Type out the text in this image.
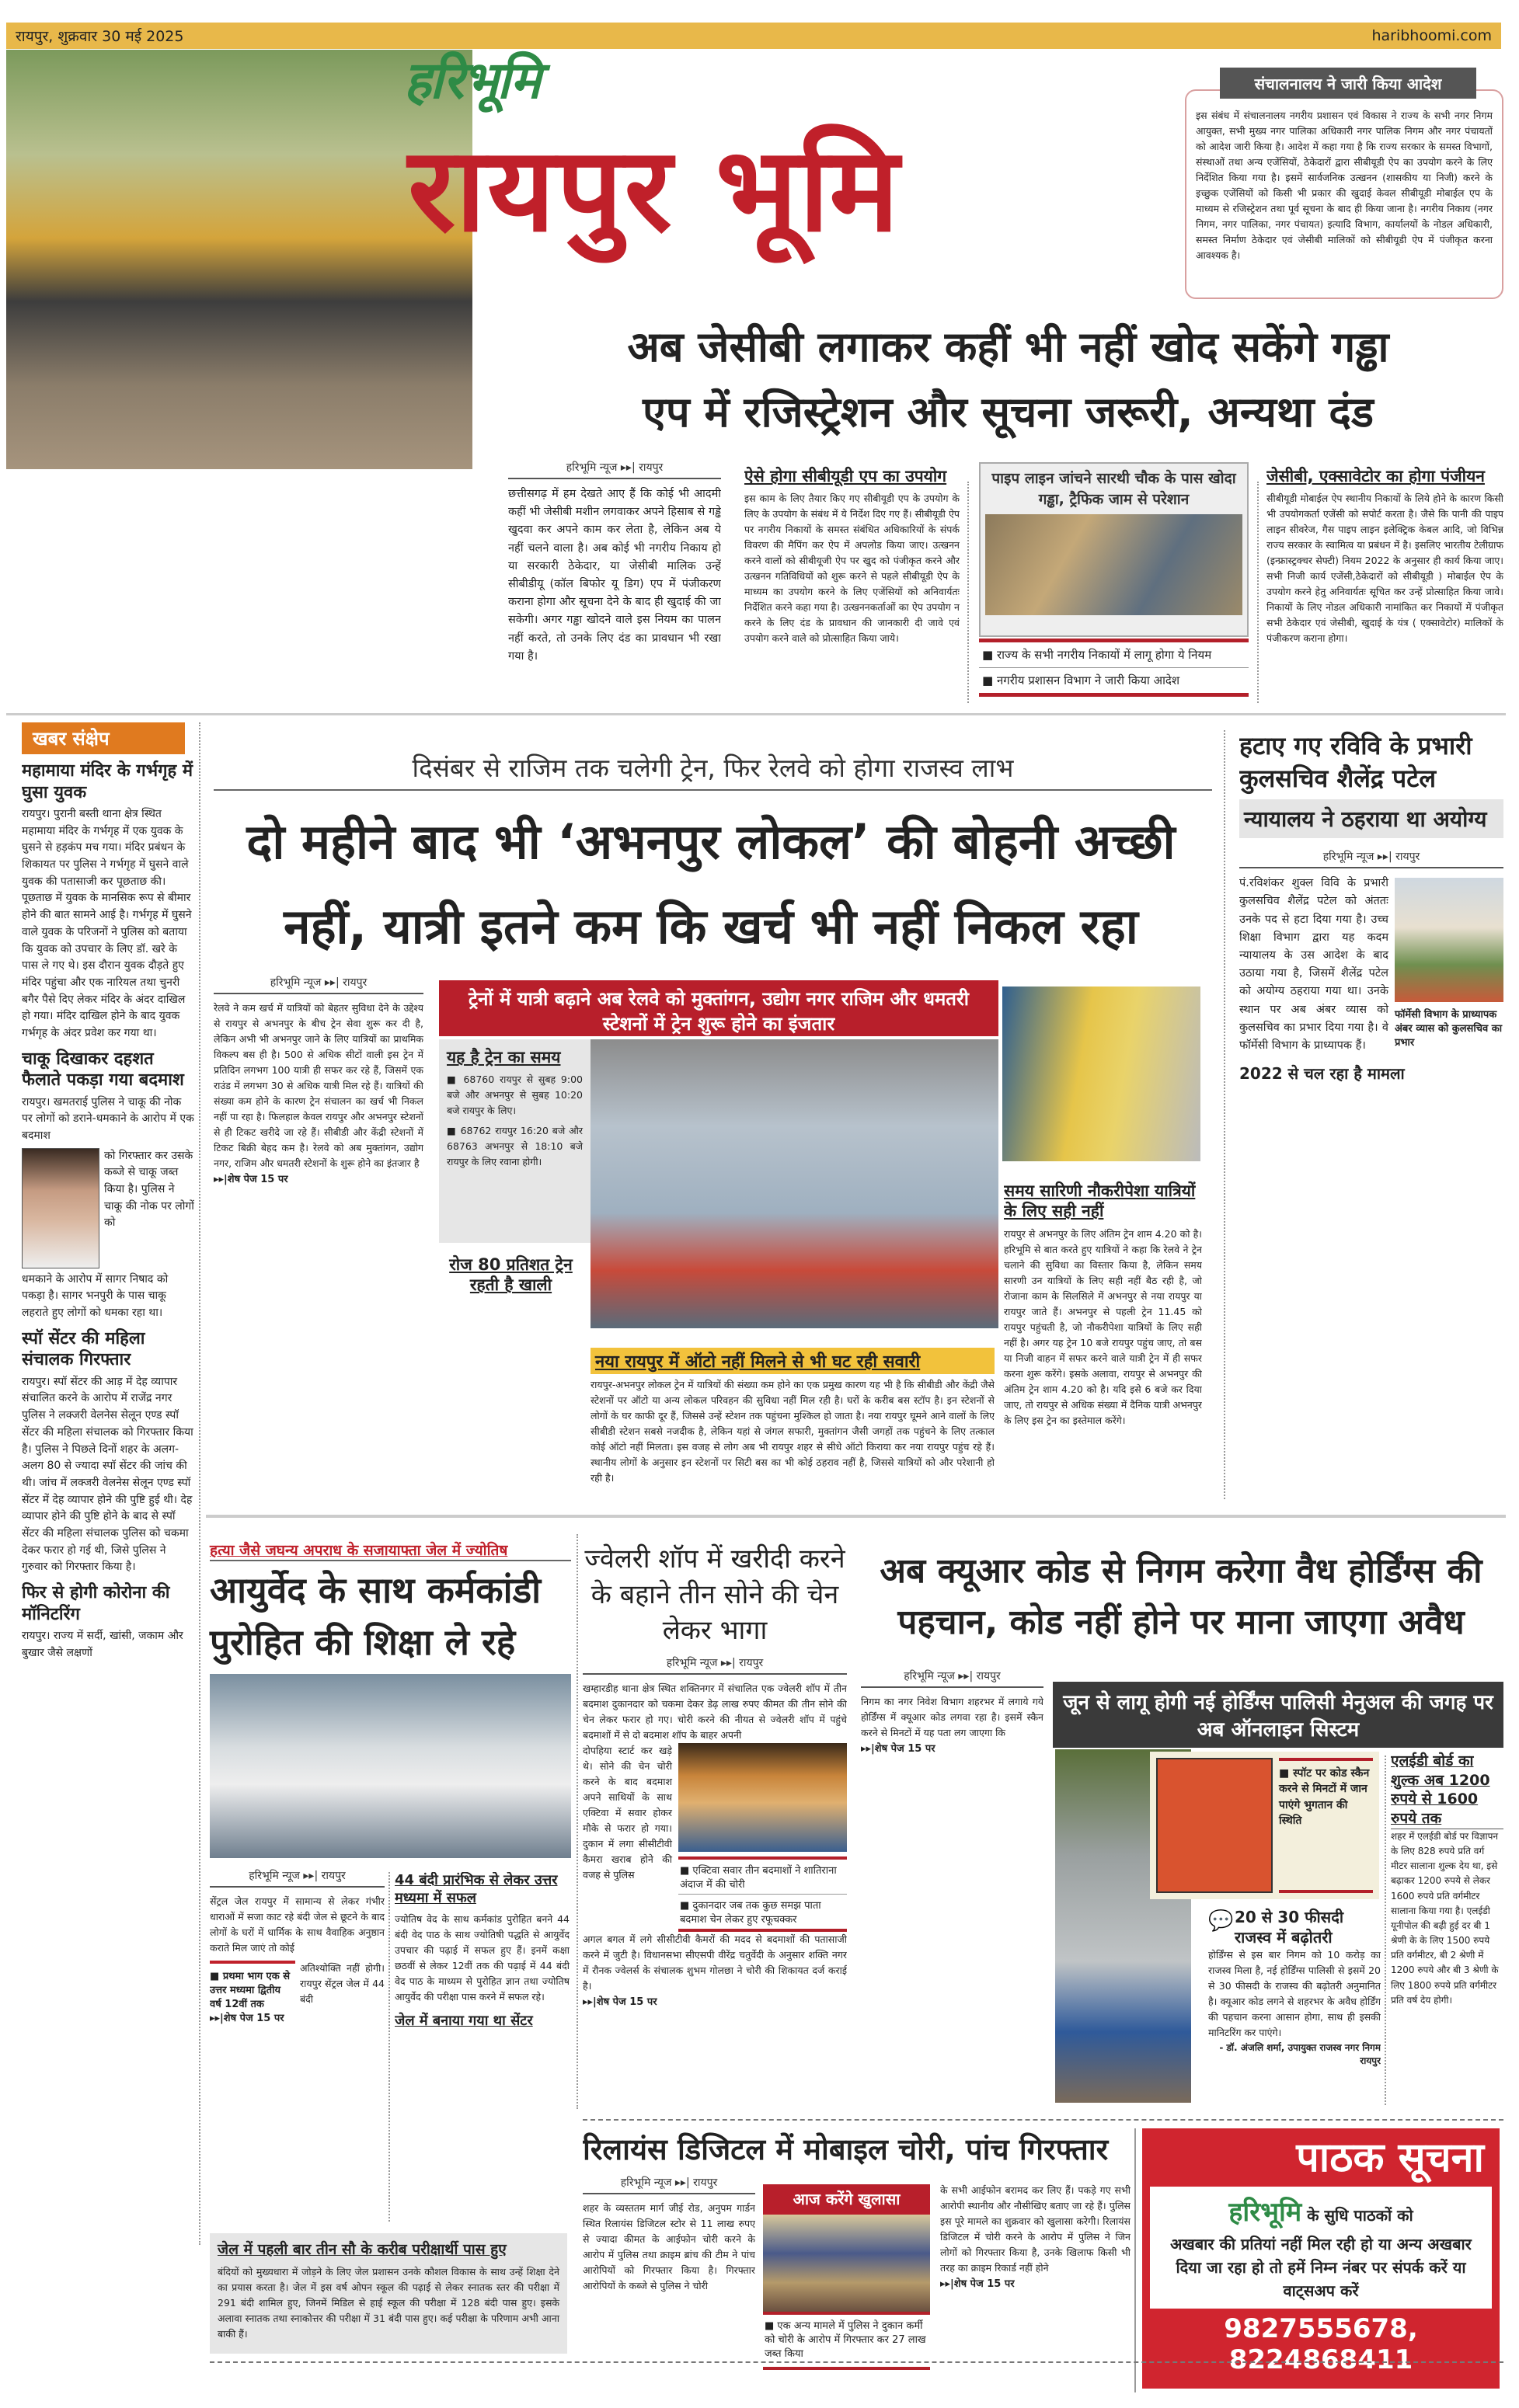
रायपुर, शुक्रवार 30 मई 2025	haribhoomi.com
हरिभूमि
रायपुर भूमि
इस संबंध में संचालनालय नगरीय प्रशासन एवं विकास ने राज्य के सभी नगर निगम आयुक्त, सभी मुख्य नगर पालिका अधिकारी नगर पालिक निगम और नगर पंचायतों को आदेश जारी किया है। आदेश में कहा गया है कि राज्य सरकार के समस्त विभागों, संस्थाओं तथा अन्य एजेंसियों, ठेकेदारों द्वारा सीबीयूडी ऐप का उपयोग करने के लिए निर्देशित किया गया है। इसमें सार्वजनिक उत्खनन (शासकीय या निजी) करने के इच्छुक एजेंसियों को किसी भी प्रकार की खुदाई केवल सीबीयूडी मोबाईल एप के माध्यम से रजिस्ट्रेशन तथा पूर्व सूचना के बाद ही किया जाना है। नगरीय निकाय (नगर निगम, नगर पालिका, नगर पंचायत) इत्यादि विभाग, कार्यालयों के नोडल अधिकारी, समस्त निर्माण ठेकेदार एवं जेसीबी मालिकों को सीबीयूडी ऐप में पंजीकृत करना आवश्यक है।
संचालनालय ने जारी किया आदेश
अब जेसीबी लगाकर कहीं भी नहीं खोद सकेंगे गड्ढा
एप में रजिस्ट्रेशन और सूचना जरूरी, अन्यथा दंड
हरिभूमि न्यूज ▸▸| रायपुर
छत्तीसगढ़ में हम देखते आए हैं कि कोई भी आदमी कहीं भी जेसीबी मशीन लगवाकर अपने हिसाब से गड्ढे खुदवा कर अपने काम कर लेता है, लेकिन अब ये नहीं चलने वाला है। अब कोई भी नगरीय निकाय हो या सरकारी ठेकेदार, या जेसीबी मालिक उन्हें सीबीडीयू (कॉल बिफोर यू डिग) एप में पंजीकरण कराना होगा और सूचना देने के बाद ही खुदाई की जा सकेगी। अगर गड्ढा खोदने वाले इस नियम का पालन नहीं करते, तो उनके लिए दंड का प्रावधान भी रखा गया है।
ऐसे होगा सीबीयूडी एप का उपयोग
इस काम के लिए तैयार किए गए सीबीयूडी एप के उपयोग के लिए के उपयोग के संबंध में ये निर्देश दिए गए हैं। सीबीयूडी ऐप पर नगरीय निकायों के समस्त संबंधित अधिकारियों के संपर्क विवरण की मैपिंग कर ऐप में अपलोड किया जाए। उत्खनन करने वालों को सीबीयूजी ऐप पर खुद को पंजीकृत करने और उत्खनन गतिविधियों को शुरू करने से पहले सीबीयूडी ऐप के माध्यम का उपयोग करने के लिए एजेंसियों को अनिवार्यतः निर्देशित करने कहा गया है। उत्खननकर्ताओं का ऐप उपयोग न करने के लिए दंड के प्रावधान की जानकारी दी जावे एवं उपयोग करने वाले को प्रोत्साहित किया जाये।
पाइप लाइन जांचने सारथी चौक के पास खोदा गड्ढा, ट्रैफिक जाम से परेशान
■ राज्य के सभी नगरीय निकायों में लागू होगा ये नियम
■ नगरीय प्रशासन विभाग ने जारी किया आदेश
जेसीबी, एक्सावेटोर का होगा पंजीयन
सीबीयूडी मोबाईल ऐप स्थानीय निकायों के लिये होने के कारण किसी भी उपयोगकर्ता एजेंसी को सपोर्ट करता है। जैसे कि पानी की पाइप लाइन सीवरेज, गैस पाइप लाइन इलेक्ट्रिक केबल आदि, जो विभिन्न राज्य सरकार के स्वामित्व या प्रबंधन में है। इसलिए भारतीय टेलीग्राफ (इन्फ्रास्ट्रक्चर सेफ्टी) नियम 2022 के अनुसार ही कार्य किया जाए। सभी निजी कार्य एजेंसी,ठेकेदारों को सीबीयूडी ) मोबाईल ऐप के उपयोग करने हेतु अनिवार्यतः सूचित कर उन्हें प्रोत्साहित किया जावे। निकायों के लिए नोडल अधिकारी नामांकित कर निकायों में पंजीकृत सभी ठेकेदार एवं जेसीबी, खुदाई के यंत्र ( एक्सावेटोर) मालिकों के पंजीकरण कराना होगा।
खबर संक्षेप
महामाया मंदिर के गर्भगृह में घुसा युवक
रायपुर। पुरानी बस्ती थाना क्षेत्र स्थित महामाया मंदिर के गर्भगृह में एक युवक के घुसने से हड़कंप मच गया। मंदिर प्रबंधन के शिकायत पर पुलिस ने गर्भगृह में घुसने वाले युवक की पतासाजी कर पूछताछ की। पूछताछ में युवक के मानसिक रूप से बीमार होने की बात सामने आई है। गर्भगृह में घुसने वाले युवक के परिजनों ने पुलिस को बताया कि युवक को उपचार के लिए डॉ. खरे के पास ले गए थे। इस दौरान युवक दौड़ते हुए मंदिर पहुंचा और एक नारियल तथा चुनरी बगैर पैसे दिए लेकर मंदिर के अंदर दाखिल हो गया। मंदिर दाखिल होने के बाद युवक गर्भगृह के अंदर प्रवेश कर गया था।
चाकू दिखाकर दहशत फैलाते पकड़ा गया बदमाश
रायपुर। खमतराई पुलिस ने चाकू की नोक पर लोगों को डराने-धमकाने के आरोप में एक बदमाश
को गिरफ्तार कर उसके कब्जे से चाकू जब्त किया है। पुलिस ने चाकू की नोक पर लोगों को
धमकाने के आरोप में सागर निषाद को पकड़ा है। सागर भनपुरी के पास चाकू लहराते हुए लोगों को धमका रहा था।
स्पॉ सेंटर की महिला संचालक गिरफ्तार
रायपुर। स्पॉ सेंटर की आड़ में देह व्यापार संचालित करने के आरोप में राजेंद्र नगर पुलिस ने लक्जरी वेलनेस सेलून एण्ड स्पॉ सेंटर की महिला संचालक को गिरफ्तार किया है। पुलिस ने पिछले दिनों शहर के अलग-अलग 80 से ज्यादा स्पॉ सेंटर की जांच की थी। जांच में लक्जरी वेलनेस सेलून एण्ड स्पॉ सेंटर में देह व्यापार होने की पुष्टि हुई थी। देह व्यापार होने की पुष्टि होने के बाद से स्पॉ सेंटर की महिला संचालक पुलिस को चकमा देकर फरार हो गई थी, जिसे पुलिस ने गुरुवार को गिरफ्तार किया है।
फिर से होगी कोरोना की मॉनिटरिंग
रायपुर। राज्य में सर्दी, खांसी, जकाम और बुखार जैसे लक्षणों
दिसंबर से राजिम तक चलेगी ट्रेन, फिर रेलवे को होगा राजस्व लाभ
दो महीने बाद भी ‘अभनपुर लोकल’ की बोहनी अच्छी
नहीं, यात्री इतने कम कि खर्च भी नहीं निकल रहा
हरिभूमि न्यूज ▸▸| रायपुर
रेलवे ने कम खर्च में यात्रियों को बेहतर सुविधा देने के उद्देश्य से रायपुर से अभनपुर के बीच ट्रेन सेवा शुरू कर दी है, लेकिन अभी भी अभनपुर जाने के लिए यात्रियों का प्राथमिक विकल्प बस ही है। 500 से अधिक सीटों वाली इस ट्रेन में प्रतिदिन लगभग 100 यात्री ही सफर कर रहे हैं, जिसमें एक राउंड में लगभग 30 से अधिक यात्री मिल रहे हैं। यात्रियों की संख्या कम होने के कारण ट्रेन संचालन का खर्च भी निकल नहीं पा रहा है। फिलहाल केवल रायपुर और अभनपुर स्टेशनों से ही टिकट खरीदे जा रहे हैं। सीबीडी और केंद्री स्टेशनों में टिकट बिक्री बेहद कम है। रेलवे को अब मुक्तांगन, उद्योग नगर, राजिम और धमतरी स्टेशनों के शुरू होने का इंतजार है
▸▸|शेष पेज 15 पर
ट्रेनों में यात्री बढ़ाने अब रेलवे को मुक्तांगन, उद्योग नगर राजिम और धमतरी स्टेशनों में ट्रेन शुरू होने का इंजतार
यह है ट्रेन का समय
■ 68760 रायपुर से सुबह 9:00 बजे और अभनपुर से सुबह 10:20 बजे रायपुर के लिए।
■ 68762 रायपुर 16:20 बजे और 68763 अभनपुर से 18:10 बजे रायपुर के लिए रवाना होगी।
रोज 80 प्रतिशत ट्रेन रहती है खाली
नया रायपुर में ऑटो नहीं मिलने से भी घट रही सवारी
रायपुर-अभनपुर लोकल ट्रेन में यात्रियों की संख्या कम होने का एक प्रमुख कारण यह भी है कि सीबीडी और केंद्री जैसे स्टेशनों पर ऑटो या अन्य लोकल परिवहन की सुविधा नहीं मिल रही है। घरों के करीब बस स्टॉप है। इन स्टेशनों से लोगों के घर काफी दूर हैं, जिससे उन्हें स्टेशन तक पहुंचना मुश्किल हो जाता है। नया रायपुर घूमने आने वालों के लिए सीबीडी स्टेशन सबसे नजदीक है, लेकिन यहां से जंगल सफारी, मुक्तांगन जैसी जगहों तक पहुंचने के लिए तत्काल कोई ऑटो नहीं मिलता। इस वजह से लोग अब भी रायपुर शहर से सीधे ऑटो किराया कर नया रायपुर पहुंच रहे हैं। स्थानीय लोगों के अनुसार इन स्टेशनों पर सिटी बस का भी कोई ठहराव नहीं है, जिससे यात्रियों को और परेशानी हो रही है।
समय सारिणी नौकरीपेशा यात्रियों के लिए सही नहीं
रायपुर से अभनपुर के लिए अंतिम ट्रेन शाम 4.20 को है। हरिभूमि से बात करते हुए यात्रियों ने कहा कि रेलवे ने ट्रेन चलाने की सुविधा का विस्तार किया है, लेकिन समय सारणी उन यात्रियों के लिए सही नहीं बैठ रही है, जो रोजाना काम के सिलसिले में अभनपुर से नया रायपुर या रायपुर जाते हैं। अभनपुर से पहली ट्रेन 11.45 को रायपुर पहुंचती है, जो नौकरीपेशा यात्रियों के लिए सही नहीं है। अगर यह ट्रेन 10 बजे रायपुर पहुंच जाए, तो बस या निजी वाहन में सफर करने वाले यात्री ट्रेन में ही सफर करना शुरू करेंगे। इसके अलावा, रायपुर से अभनपुर की अंतिम ट्रेन शाम 4.20 को है। यदि इसे 6 बजे कर दिया जाए, तो रायपुर से अधिक संख्या में दैनिक यात्री अभनपुर के लिए इस ट्रेन का इस्तेमाल करेंगे।
हटाए गए रविवि के प्रभारी कुलसचिव शैलेंद्र पटेल
न्यायालय ने ठहराया था अयोग्य
हरिभूमि न्यूज ▸▸| रायपुर
फॉर्मेसी विभाग के प्राध्यापक अंबर व्यास को कुलसचिव का प्रभार
पं.रविशंकर शुक्ल विवि के प्रभारी कुलसचिव शैलेंद्र पटेल को अंततः उनके पद से हटा दिया गया है। उच्च शिक्षा विभाग द्वारा यह कदम न्यायालय के उस आदेश के बाद उठाया गया है, जिसमें शैलेंद्र पटेल को अयोग्य ठहराया गया था। उनके स्थान पर अब अंबर व्यास को कुलसचिव का प्रभार दिया गया है। वे फॉर्मेसी विभाग के प्राध्यापक हैं।
2022 से चल रहा है मामला
हत्या जैसे जघन्य अपराध के सजायाफ्ता जेल में ज्योतिष
आयुर्वेद के साथ कर्मकांडी पुरोहित की शिक्षा ले रहे
हरिभूमि न्यूज ▸▸| रायपुर
सेंट्रल जेल रायपुर में सामान्य से लेकर गंभीर धाराओं में सजा काट रहे बंदी जेल से छूटने के बाद लोगों के घरों में धार्मिक के साथ वैवाहिक अनुष्ठान कराते मिल जाएं तो कोई
■ प्रथमा भाग एक से उत्तर मध्यमा द्वितीय वर्ष 12वीं तक
अतिश्योक्ति नहीं होगी। रायपुर सेंट्रल जेल में 44 बंदी
▸▸|शेष पेज 15 पर
44 बंदी प्रारंभिक से लेकर उत्तर मध्यमा में सफल
ज्योतिष वेद के साथ कर्मकांड पुरोहित बनने 44 बंदी वेद पाठ के साथ ज्योतिषी पद्धति से आयुर्वेद उपचार की पढ़ाई में सफल हुए हैं। इनमें कक्षा छठवीं से लेकर 12वीं तक की पढ़ाई में 44 बंदी वेद पाठ के माध्यम से पुरोहित ज्ञान तथा ज्योतिष आयुर्वेद की परीक्षा पास करने में सफल रहे।
जेल में बनाया गया था सेंटर
जेल में पहली बार तीन सौ के करीब परीक्षार्थी पास हुए
बंदियों को मुख्यधारा में जोड़ने के लिए जेल प्रशासन उनके कौशल विकास के साथ उन्हें शिक्षा देने का प्रयास करता है। जेल में इस वर्ष ओपन स्कूल की पढ़ाई से लेकर स्नातक स्तर की परीक्षा में 291 बंदी शामिल हुए, जिनमें मिडिल से हाई स्कूल की परीक्षा में 128 बंदी पास हुए। इसके अलावा स्नातक तथा स्नाकोत्तर की परीक्षा में 31 बंदी पास हुए। कई परीक्षा के परिणाम अभी आना बाकी हैं।
ज्वेलरी शॉप में खरीदी करने के बहाने तीन सोने की चेन लेकर भागा
हरिभूमि न्यूज ▸▸| रायपुर
खम्हारडीह थाना क्षेत्र स्थित शक्तिनगर में संचालित एक ज्वेलरी शॉप में तीन बदमाश दुकानदार को चकमा देकर डेढ़ लाख रुपए कीमत की तीन सोने की चेन लेकर फरार हो गए। चोरी करने की नीयत से ज्वेलरी शॉप में पहुंचे बदमाशों में से दो बदमाश शॉप के बाहर अपनी
दोपहिया स्टार्ट कर खड़े थे। सोने की चेन चोरी करने के बाद बदमाश अपने साथियों के साथ एक्टिवा में सवार होकर मौके से फरार हो गया। दुकान में लगा सीसीटीवी कैमरा खराब होने की वजह से पुलिस	■ एक्टिवा सवार तीन बदमाशों ने शातिराना अंदाज में की चोरी
■ दुकानदार जब तक कुछ समझ पाता बदमाश चेन लेकर हुए रफूचक्कर
अगल बगल में लगे सीसीटीवी कैमरों की मदद से बदमाशों की पतासाजी करने में जुटी है। विधानसभा सीएसपी वीरेंद्र चतुर्वेदी के अनुसार शक्ति नगर में रौनक ज्वेलर्स के संचालक शुभम गोलछा ने चोरी की शिकायत दर्ज कराई है।
▸▸|शेष पेज 15 पर
अब क्यूआर कोड से निगम करेगा वैध होर्डिंग्स की
पहचान, कोड नहीं होने पर माना जाएगा अवैध
हरिभूमि न्यूज ▸▸| रायपुर
निगम का नगर निवेश विभाग शहरभर में लगाये गये होर्डिंग्स में क्यूआर कोड लगवा रहा है। इसमें स्कैन करने से मिनटों में यह पता लग जाएगा कि
▸▸|शेष पेज 15 पर
जून से लागू होगी नई होर्डिंग्स पालिसी मेनुअल की जगह पर अब ऑनलाइन सिस्टम
■ स्पॉट पर कोड स्कैन करने से मिनटों में जान पाएंगे भुगतान की स्थिति
💬 20 से 30 फीसदी राजस्व में बढ़ोतरी
होर्डिंग्स से इस बार निगम को 10 करोड़ का राजस्व मिला है, नई होर्डिंग्स पालिसी से इसमें 20 से 30 फीसदी के राजस्व की बढ़ोतरी अनुमानित है। क्यूआर कोड लगने से शहरभर के अवैध होर्डिंग की पहचान करना आसान होगा, साथ ही इसकी मानिटरिंग कर पाएंगे।
- डॉ. अंजलि शर्मा, उपायुक्त राजस्व नगर निगम रायपुर
एलईडी बोर्ड का शुल्क अब 1200 रुपये से 1600 रुपये तक
शहर में एलईडी बोर्ड पर विज्ञापन के लिए 828 रुपये प्रति वर्ग मीटर सालाना शुल्क देय था, इसे बढ़ाकर 1200 रुपये से लेकर 1600 रुपये प्रति वर्गमीटर सालाना किया गया है। एलईडी यूनीपोल की बढ़ी हुई दर बी 1 श्रेणी के के लिए 1500 रुपये प्रति वर्गमीटर, बी 2 श्रेणी में 1200 रुपये और बी 3 श्रेणी के लिए 1800 रुपये प्रति वर्गमीटर प्रति वर्ष देय होगी।
रिलायंस डिजिटल में मोबाइल चोरी, पांच गिरफ्तार
हरिभूमि न्यूज ▸▸| रायपुर
शहर के व्यस्ततम मार्ग जीई रोड, अनुपम गार्डन स्थित रिलायंस डिजिटल स्टोर से 11 लाख रुपए से ज्यादा कीमत के आईफोन चोरी करने के आरोप में पुलिस तथा क्राइम ब्रांच की टीम ने पांच आरोपियों को गिरफ्तार किया है। गिरफ्तार आरोपियों के कब्जे से पुलिस ने चोरी
आज करेंगे खुलासा
■ एक अन्य मामले में पुलिस ने दुकान कर्मी को चोरी के आरोप में गिरफ्तार कर 27 लाख जब्त किया
के सभी आईफोन बरामद कर लिए हैं। पकड़े गए सभी आरोपी स्थानीय और नौसीखिए बताए जा रहे हैं। पुलिस इस पूरे मामले का शुक्रवार को खुलासा करेगी। रिलायंस डिजिटल में चोरी करने के आरोप में पुलिस ने जिन लोगों को गिरफ्तार किया है, उनके खिलाफ किसी भी तरह का क्राइम रिकार्ड नहीं होने
▸▸|शेष पेज 15 पर
पाठक सूचना
हरिभूमि के सुधि पाठकों को
अखबार की प्रतियां नहीं मिल रही हो या अन्य अखबार दिया जा रहा हो तो हमें निम्न नंबर पर संपर्क करें या वाट्सअप करें
9827555678, 8224868411
